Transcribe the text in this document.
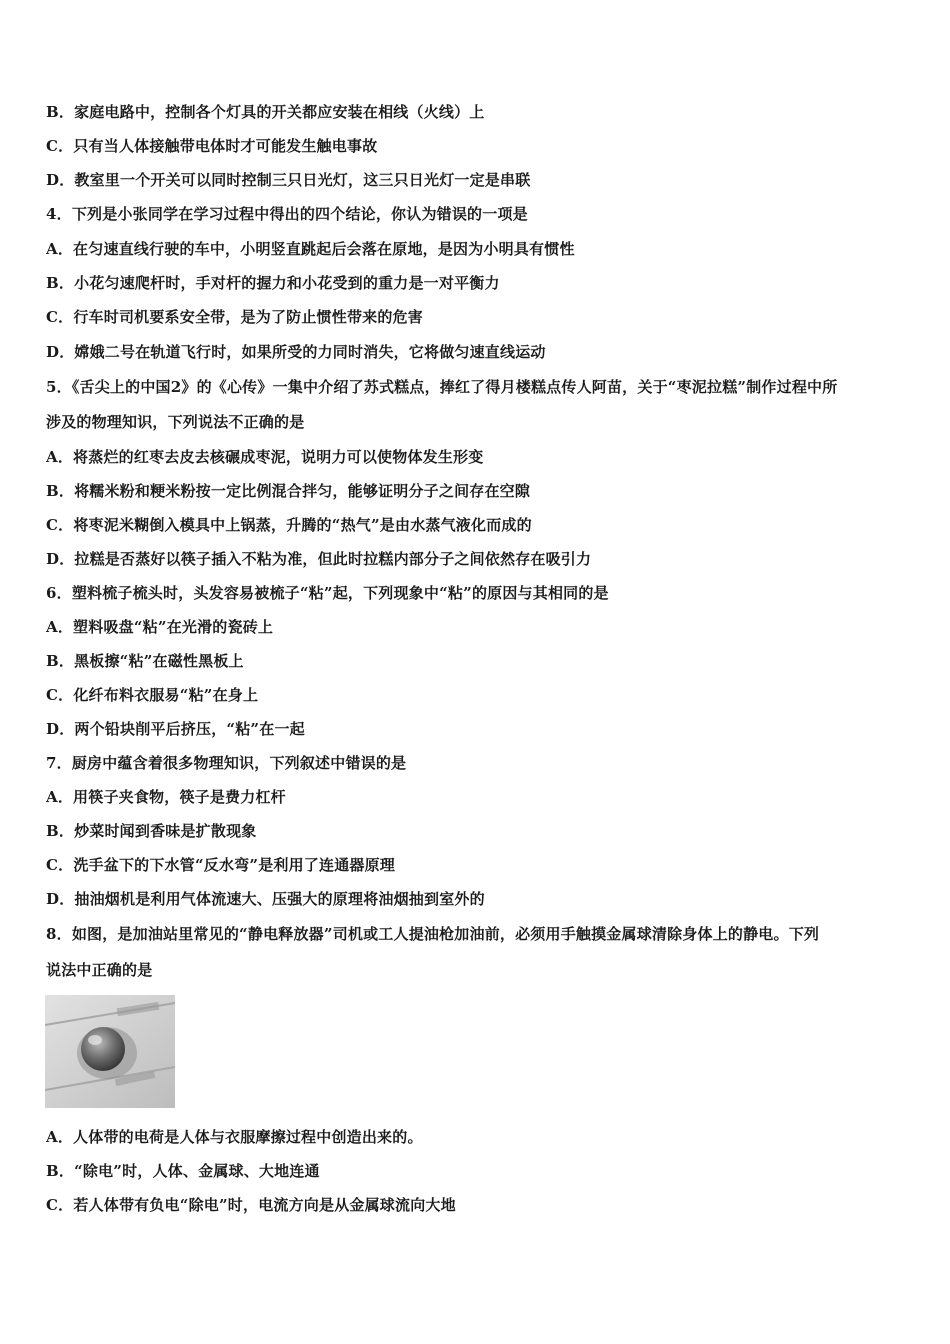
B．家庭电路中，控制各个灯具的开关都应安装在相线（火线）上
C．只有当人体接触带电体时才可能发生触电事故
D．教室里一个开关可以同时控制三只日光灯，这三只日光灯一定是串联
4．下列是小张同学在学习过程中得出的四个结论，你认为错误的一项是
A．在匀速直线行驶的车中，小明竖直跳起后会落在原地，是因为小明具有惯性
B．小花匀速爬杆时，手对杆的握力和小花受到的重力是一对平衡力
C．行车时司机要系安全带，是为了防止惯性带来的危害
D．嫦娥二号在轨道飞行时，如果所受的力同时消失，它将做匀速直线运动
5．《舌尖上的中国2》的《心传》一集中介绍了苏式糕点，捧红了得月楼糕点传人阿苗，关于“枣泥拉糕”制作过程中所
涉及的物理知识，下列说法不正确的是
A．将蒸烂的红枣去皮去核碾成枣泥，说明力可以使物体发生形变
B．将糯米粉和粳米粉按一定比例混合拌匀，能够证明分子之间存在空隙
C．将枣泥米糊倒入模具中上锅蒸，升腾的“热气”是由水蒸气液化而成的
D．拉糕是否蒸好以筷子插入不粘为准，但此时拉糕内部分子之间依然存在吸引力
6．塑料梳子梳头时，头发容易被梳子“粘”起，下列现象中“粘”的原因与其相同的是
A．塑料吸盘“粘”在光滑的瓷砖上
B．黑板擦“粘”在磁性黑板上
C．化纤布料衣服易“粘”在身上
D．两个铅块削平后挤压，“粘”在一起
7．厨房中蕴含着很多物理知识，下列叙述中错误的是
A．用筷子夹食物，筷子是费力杠杆
B．炒菜时闻到香味是扩散现象
C．洗手盆下的下水管“反水弯”是利用了连通器原理
D．抽油烟机是利用气体流速大、压强大的原理将油烟抽到室外的
8．如图，是加油站里常见的“静电释放器”司机或工人提油枪加油前，必须用手触摸金属球清除身体上的静电。下列
说法中正确的是
A．人体带的电荷是人体与衣服摩擦过程中创造出来的。
B．“除电”时，人体、金属球、大地连通
C．若人体带有负电“除电”时，电流方向是从金属球流向大地
